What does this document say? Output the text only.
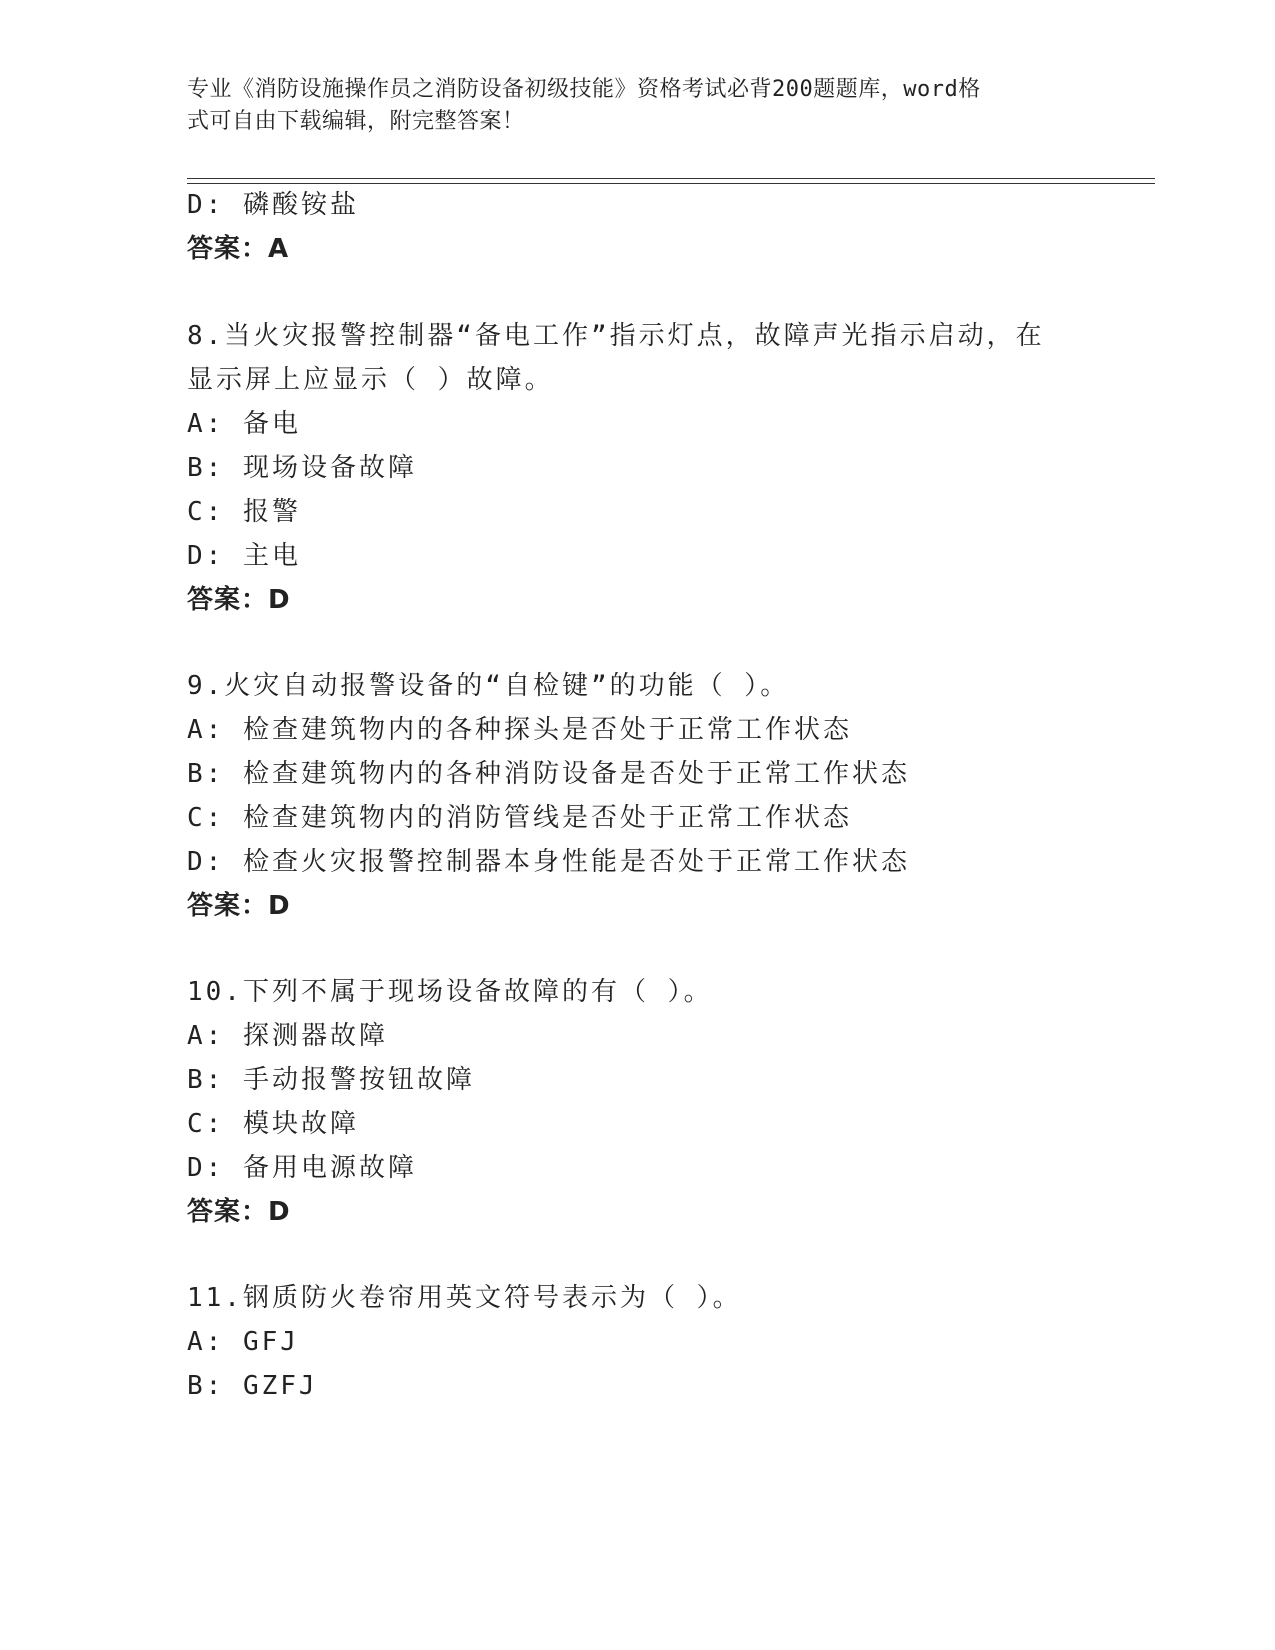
专业《消防设施操作员之消防设备初级技能》资格考试必背200题题库，word格
式可自由下载编辑，附完整答案！
D: 磷酸铵盐
答案：A
8.当火灾报警控制器“备电工作”指示灯点，故障声光指示启动，在
显示屏上应显示（ ）故障。
A: 备电
B: 现场设备故障
C: 报警
D: 主电
答案：D
9.火灾自动报警设备的“自检键”的功能（ ）。
A: 检查建筑物内的各种探头是否处于正常工作状态
B: 检查建筑物内的各种消防设备是否处于正常工作状态
C: 检查建筑物内的消防管线是否处于正常工作状态
D: 检查火灾报警控制器本身性能是否处于正常工作状态
答案：D
10.下列不属于现场设备故障的有（ ）。
A: 探测器故障
B: 手动报警按钮故障
C: 模块故障
D: 备用电源故障
答案：D
11.钢质防火卷帘用英文符号表示为（ ）。
A: GFJ
B: GZFJ
